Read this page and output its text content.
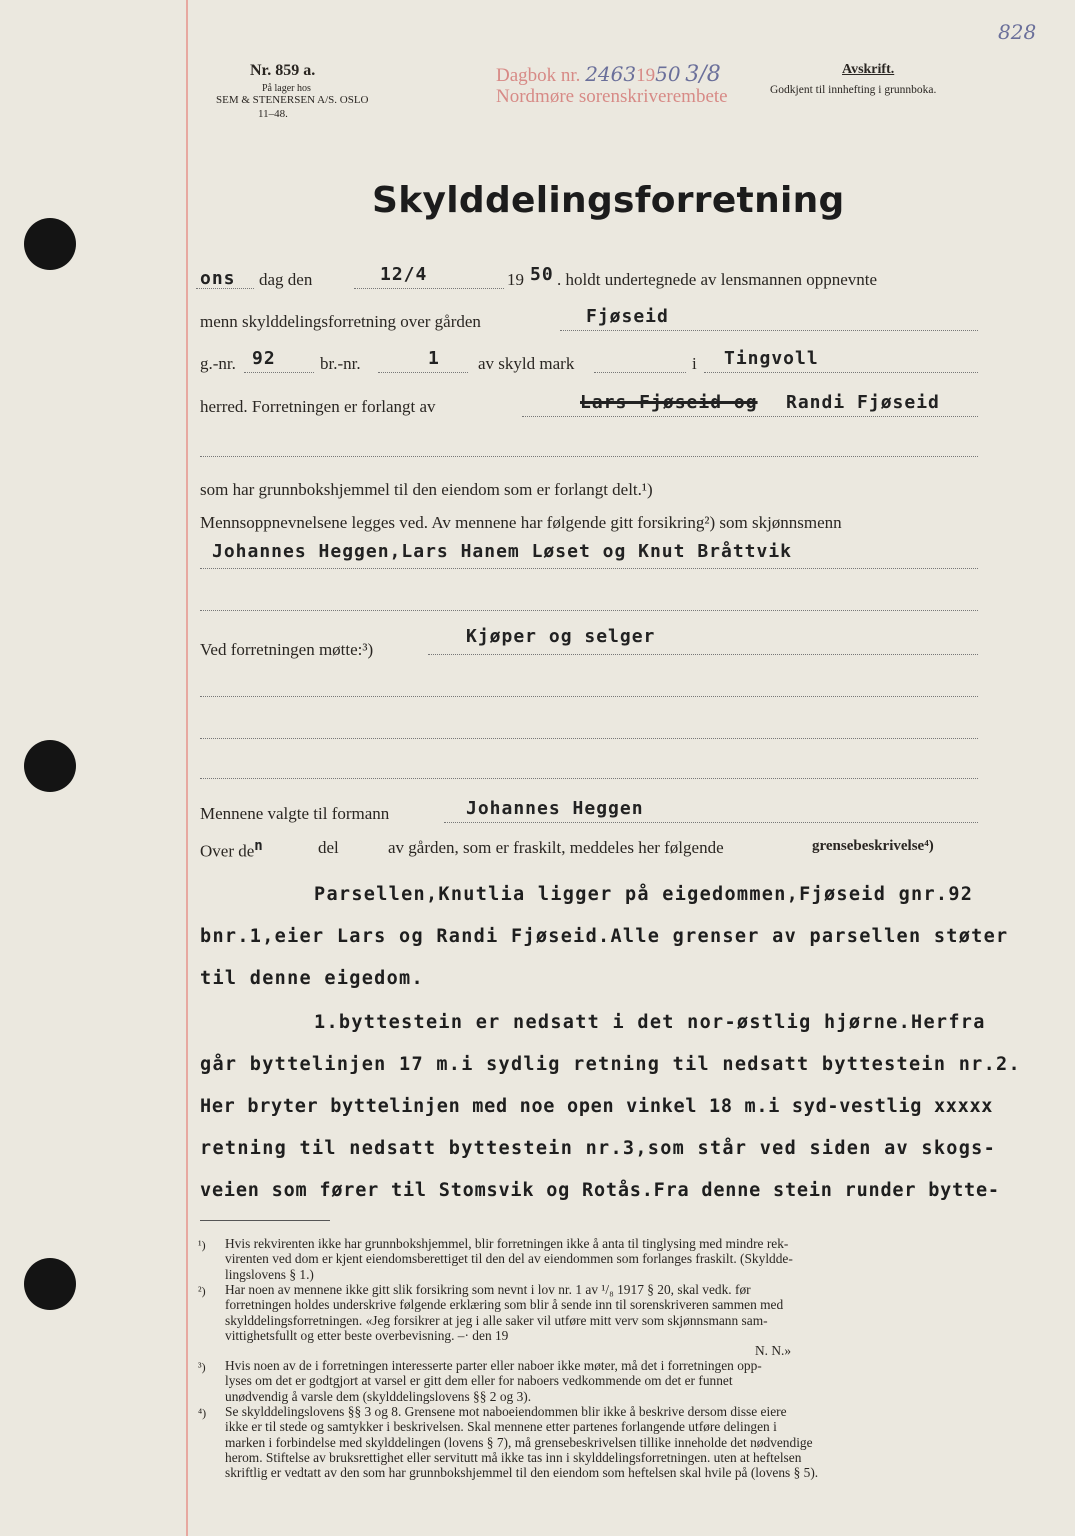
Nr. 859 a.
På lager hos
SEM & STENERSEN A/S. OSLO
11–48.
Dagbok nr. 24631950 3/8
Nordmøre sorenskriverembete
Avskrift.
Godkjent til innhefting i grunnboka.
828
Skylddelingsforretning
ons dag den	12/4	19 50 . holdt undertegnede av lensmannen oppnevnte
menn skylddelingsforretning over gården	Fjøseid
g.-nr. 92	br.-nr.	1 av skyld mark	i Tingvoll
herred. Forretningen er forlangt av	Lars Fjøseid og Randi Fjøseid
som har grunnbokshjemmel til den eiendom som er forlangt delt.¹)
Mennsoppnevnelsene legges ved. Av mennene har følgende gitt forsikring²) som skjønnsmenn
Johannes Heggen,Lars Hanem Løset og Knut Bråttvik
Ved forretningen møtte:³)
Kjøper og selger
Mennene valgte til formann	Johannes Heggen
Over $de^n$	del	av gården, som er fraskilt, meddeles her følgende	grensebeskrivelse⁴)
Parsellen,Knutlia ligger på eigedommen,Fjøseid gnr.92
bnr.1,eier Lars og Randi Fjøseid.Alle grenser av parsellen støter
til denne eigedom.
1.byttestein er nedsatt i det nor-østlig hjørne.Herfra
går byttelinjen 17 m.i sydlig retning til nedsatt byttestein nr.2.
Her bryter byttelinjen med noe open vinkel 18 m.i syd-vestlig xxxxx
retning til nedsatt byttestein nr.3,som står ved siden av skogs-
veien som fører til Stomsvik og Rotås.Fra denne stein runder bytte-
¹) Hvis rekvirenten ikke har grunnbokshjemmel, blir forretningen ikke å anta til tinglysing med mindre rek-
virenten ved dom er kjent eiendomsberettiget til den del av eiendommen som forlanges fraskilt. (Skyldde-
lingslovens § 1.)
²) Har noen av mennene ikke gitt slik forsikring som nevnt i lov nr. 1 av ¹/₈ 1917 § 20, skal vedk. før
forretningen holdes underskrive følgende erklæring som blir å sende inn til sorenskriveren sammen med
skylddelingsforretningen. «Jeg forsikrer at jeg i alle saker vil utføre mitt verv som skjønnsmann sam-
vittighetsfullt og etter beste overbevisning. –· den 19
N. N.»
³) Hvis noen av de i forretningen interesserte parter eller naboer ikke møter, må det i forretningen opp-
lyses om det er godtgjort at varsel er gitt dem eller for naboers vedkommende om det er funnet
unødvendig å varsle dem (skylddelingslovens §§ 2 og 3).
⁴) Se skylddelingslovens §§ 3 og 8. Grensene mot naboeiendommen blir ikke å beskrive dersom disse eiere
ikke er til stede og samtykker i beskrivelsen. Skal mennene etter partenes forlangende utføre delingen i
marken i forbindelse med skylddelingen (lovens § 7), må grensebeskrivelsen tillike inneholde det nødvendige
herom. Stiftelse av bruksrettighet eller servitutt må ikke tas inn i skylddelingsforretningen. uten at heftelsen
skriftlig er vedtatt av den som har grunnbokshjemmel til den eiendom som heftelsen skal hvile på (lovens § 5).
